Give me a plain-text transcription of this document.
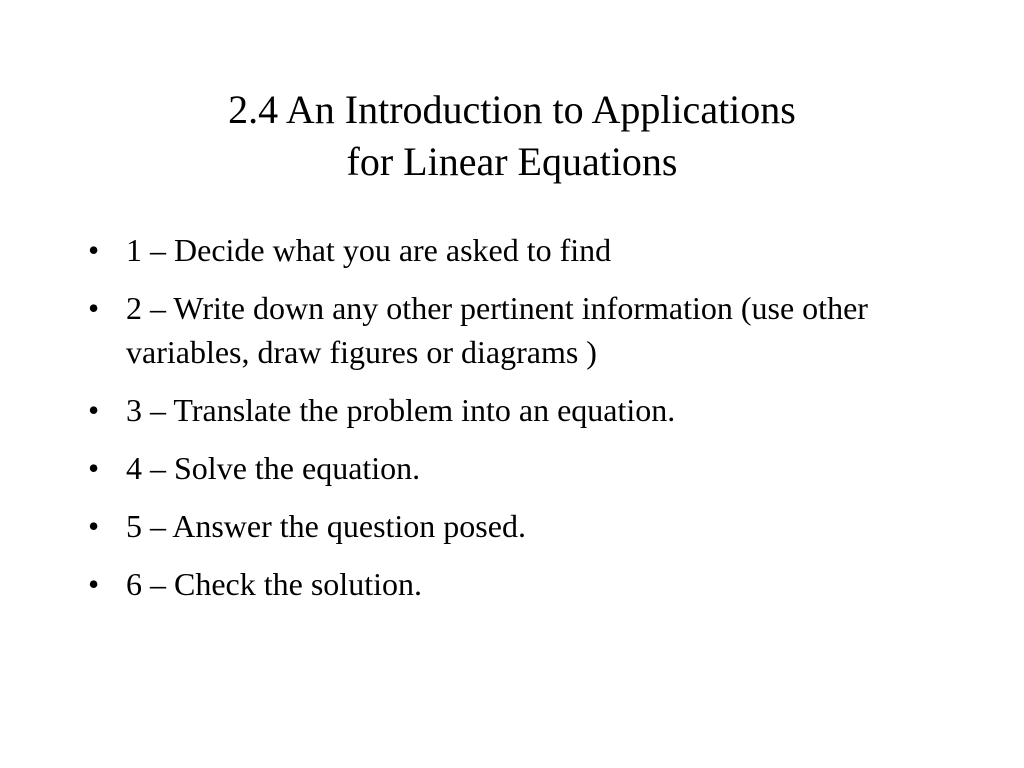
2.4 An Introduction to Applications
for Linear Equations
• 1 – Decide what you are asked to find
• 2 – Write down any other pertinent information (use other variables, draw figures or diagrams )
• 3 – Translate the problem into an equation.
• 4 – Solve the equation.
• 5 – Answer the question posed.
• 6 – Check the solution.
